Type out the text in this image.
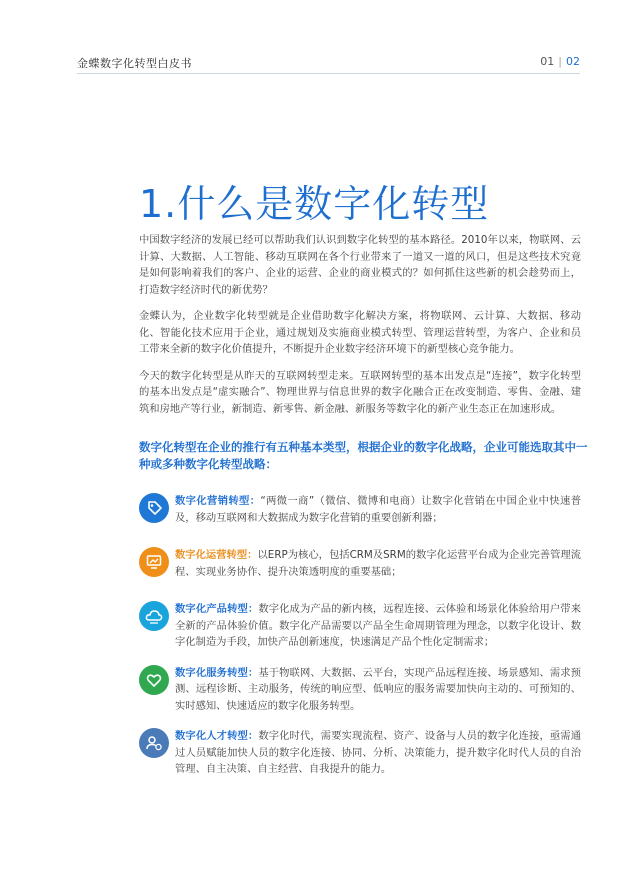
金蝶数字化转型白皮书	01 | 02
1.什么是数字化转型

中国数字经济的发展已经可以帮助我们认识到数字化转型的基本路径。2010年以来，物联网、云计算、大数据、人工智能、移动互联网在各个行业带来了一道又一道的风口，但是这些技术究竟是如何影响着我们的客户、企业的运营、企业的商业模式的？如何抓住这些新的机会趁势而上，打造数字经济时代的新优势？

金蝶认为，企业数字化转型就是企业借助数字化解决方案，将物联网、云计算、大数据、移动化、智能化技术应用于企业，通过规划及实施商业模式转型、管理运营转型，为客户、企业和员工带来全新的数字化价值提升，不断提升企业数字经济环境下的新型核心竞争能力。

今天的数字化转型是从昨天的互联网转型走来。互联网转型的基本出发点是“连接”，数字化转型的基本出发点是“虚实融合”、物理世界与信息世界的数字化融合正在改变制造、零售、金融、建筑和房地产等行业，新制造、新零售、新金融、新服务等数字化的新产业生态正在加速形成。

数字化转型在企业的推行有五种基本类型，根据企业的数字化战略，企业可能选取其中一种或多种数字化转型战略：
数字化营销转型：“两微一商”（微信、微博和电商）让数字化营销在中国企业中快速普及，移动互联网和大数据成为数字化营销的重要创新利器；
数字化运营转型：以ERP为核心，包括CRM及SRM的数字化运营平台成为企业完善管理流程、实现业务协作、提升决策透明度的重要基础；
数字化产品转型：数字化成为产品的新内核，远程连接、云体验和场景化体验给用户带来全新的产品体验价值。数字化产品需要以产品全生命周期管理为理念，以数字化设计、数字化制造为手段，加快产品创新速度，快速满足产品个性化定制需求；
数字化服务转型：基于物联网、大数据、云平台，实现产品远程连接、场景感知、需求预测、远程诊断、主动服务，传统的响应型、低响应的服务需要加快向主动的、可预知的、实时感知、快速适应的数字化服务转型。
数字化人才转型：数字化时代，需要实现流程、资产、设备与人员的数字化连接，亟需通过人员赋能加快人员的数字化连接、协同、分析、决策能力，提升数字化时代人员的自治管理、自主决策、自主经营、自我提升的能力。
